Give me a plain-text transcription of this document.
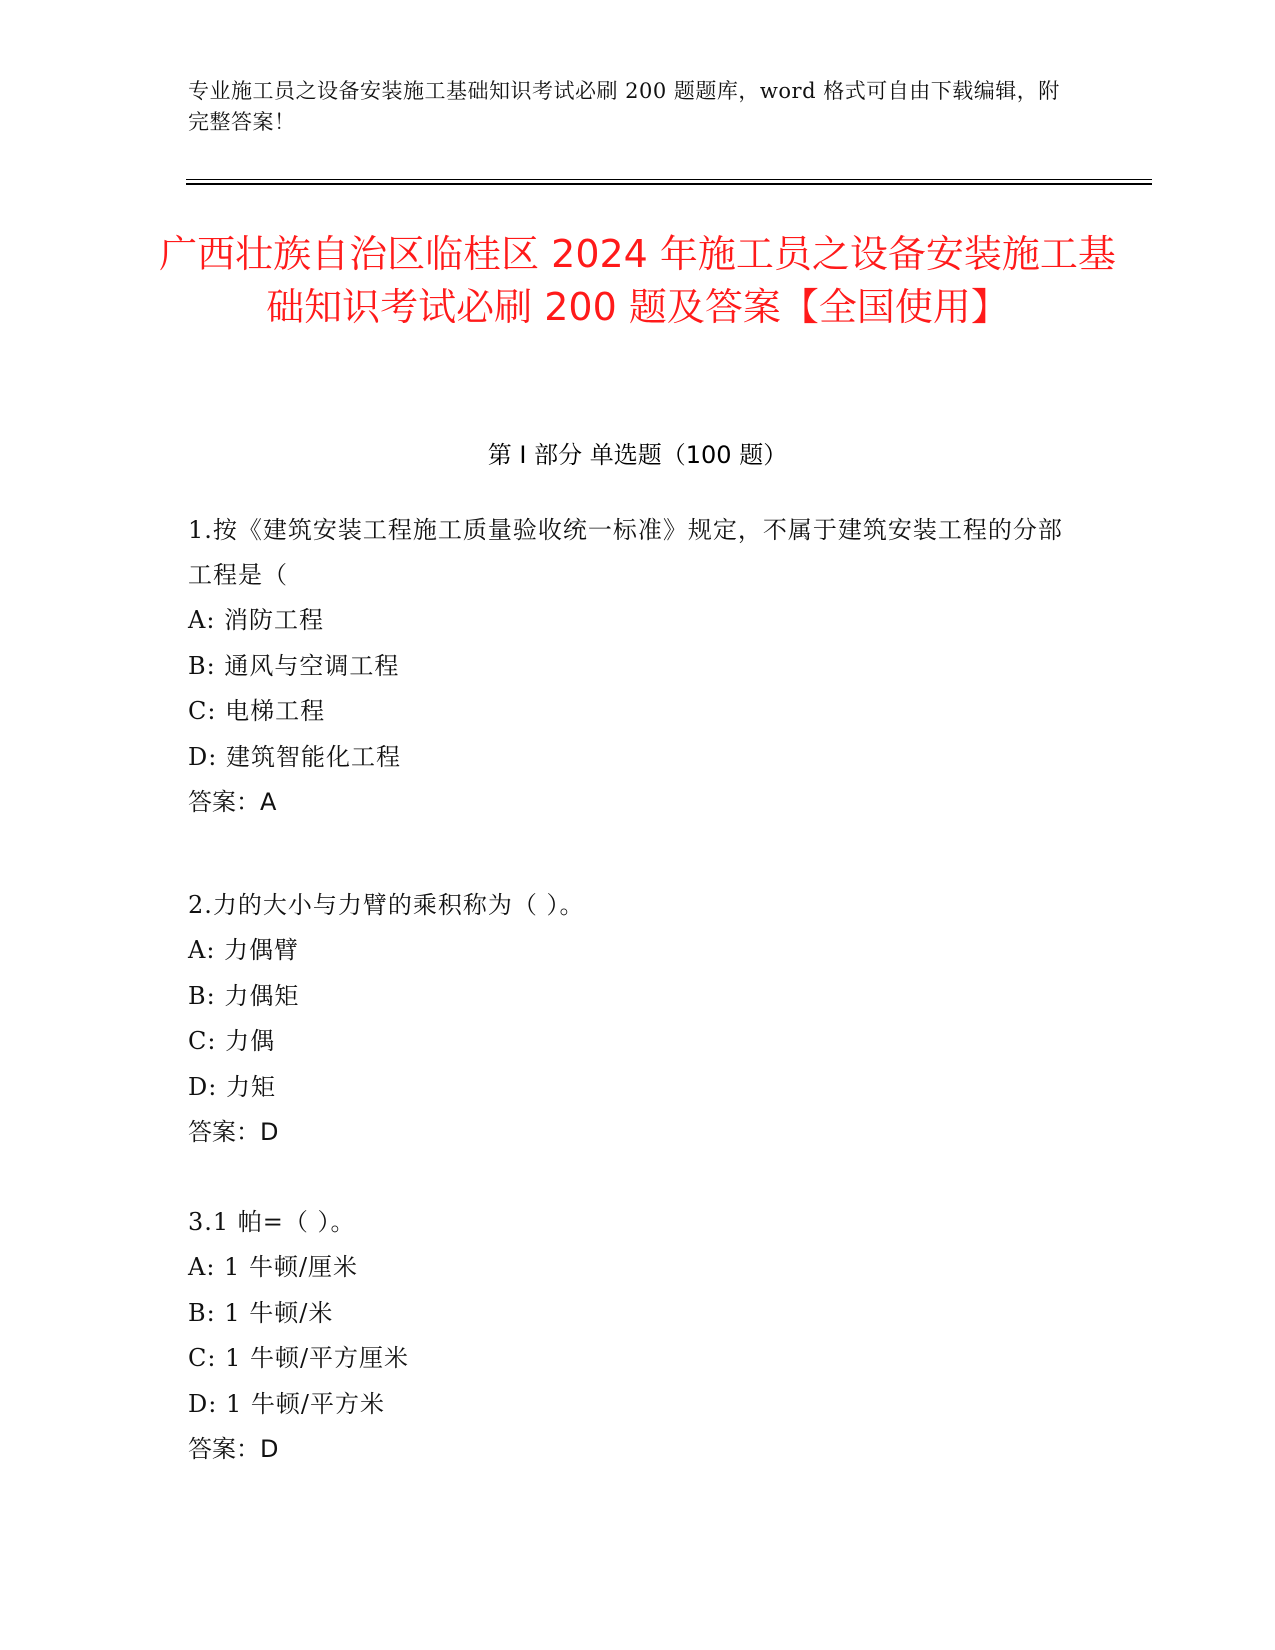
专业施工员之设备安装施工基础知识考试必刷 200 题题库，word 格式可自由下载编辑，附完整答案！
广西壮族自治区临桂区 2024 年施工员之设备安装施工基础知识考试必刷 200 题及答案【全国使用】
第 I 部分 单选题（100 题）
1.按《建筑安装工程施工质量验收统一标准》规定，不属于建筑安装工程的分部工程是（
A: 消防工程
B: 通风与空调工程
C: 电梯工程
D: 建筑智能化工程
答案：A
2.力的大小与力臂的乘积称为（ ）。
A: 力偶臂
B: 力偶矩
C: 力偶
D: 力矩
答案：D
3.1 帕=（ ）。
A: 1 牛顿/厘米
B: 1 牛顿/米
C: 1 牛顿/平方厘米
D: 1 牛顿/平方米
答案：D
